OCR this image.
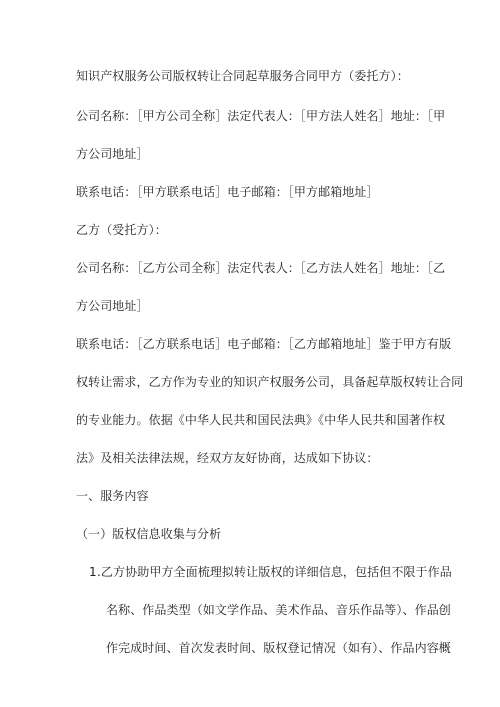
知识产权服务公司版权转让合同起草服务合同甲方（委托方）：
公司名称：［甲方公司全称］法定代表人：［甲方法人姓名］地址：［甲
方公司地址］
联系电话：［甲方联系电话］电子邮箱：［甲方邮箱地址］
乙方（受托方）：
公司名称：［乙方公司全称］法定代表人：［乙方法人姓名］地址：［乙
方公司地址］
联系电话：［乙方联系电话］电子邮箱：［乙方邮箱地址］鉴于甲方有版
权转让需求，乙方作为专业的知识产权服务公司，具备起草版权转让合同
的专业能力。依据《中华人民共和国民法典》《中华人民共和国著作权
法》及相关法律法规，经双方友好协商，达成如下协议：
一、服务内容
（一）版权信息收集与分析
1 .乙方协助甲方全面梳理拟转让版权的详细信息，包括但不限于作品
名称、作品类型（如文学作品、美术作品、音乐作品等）、作品创
作完成时间、首次发表时间、版权登记情况（如有）、作品内容概
